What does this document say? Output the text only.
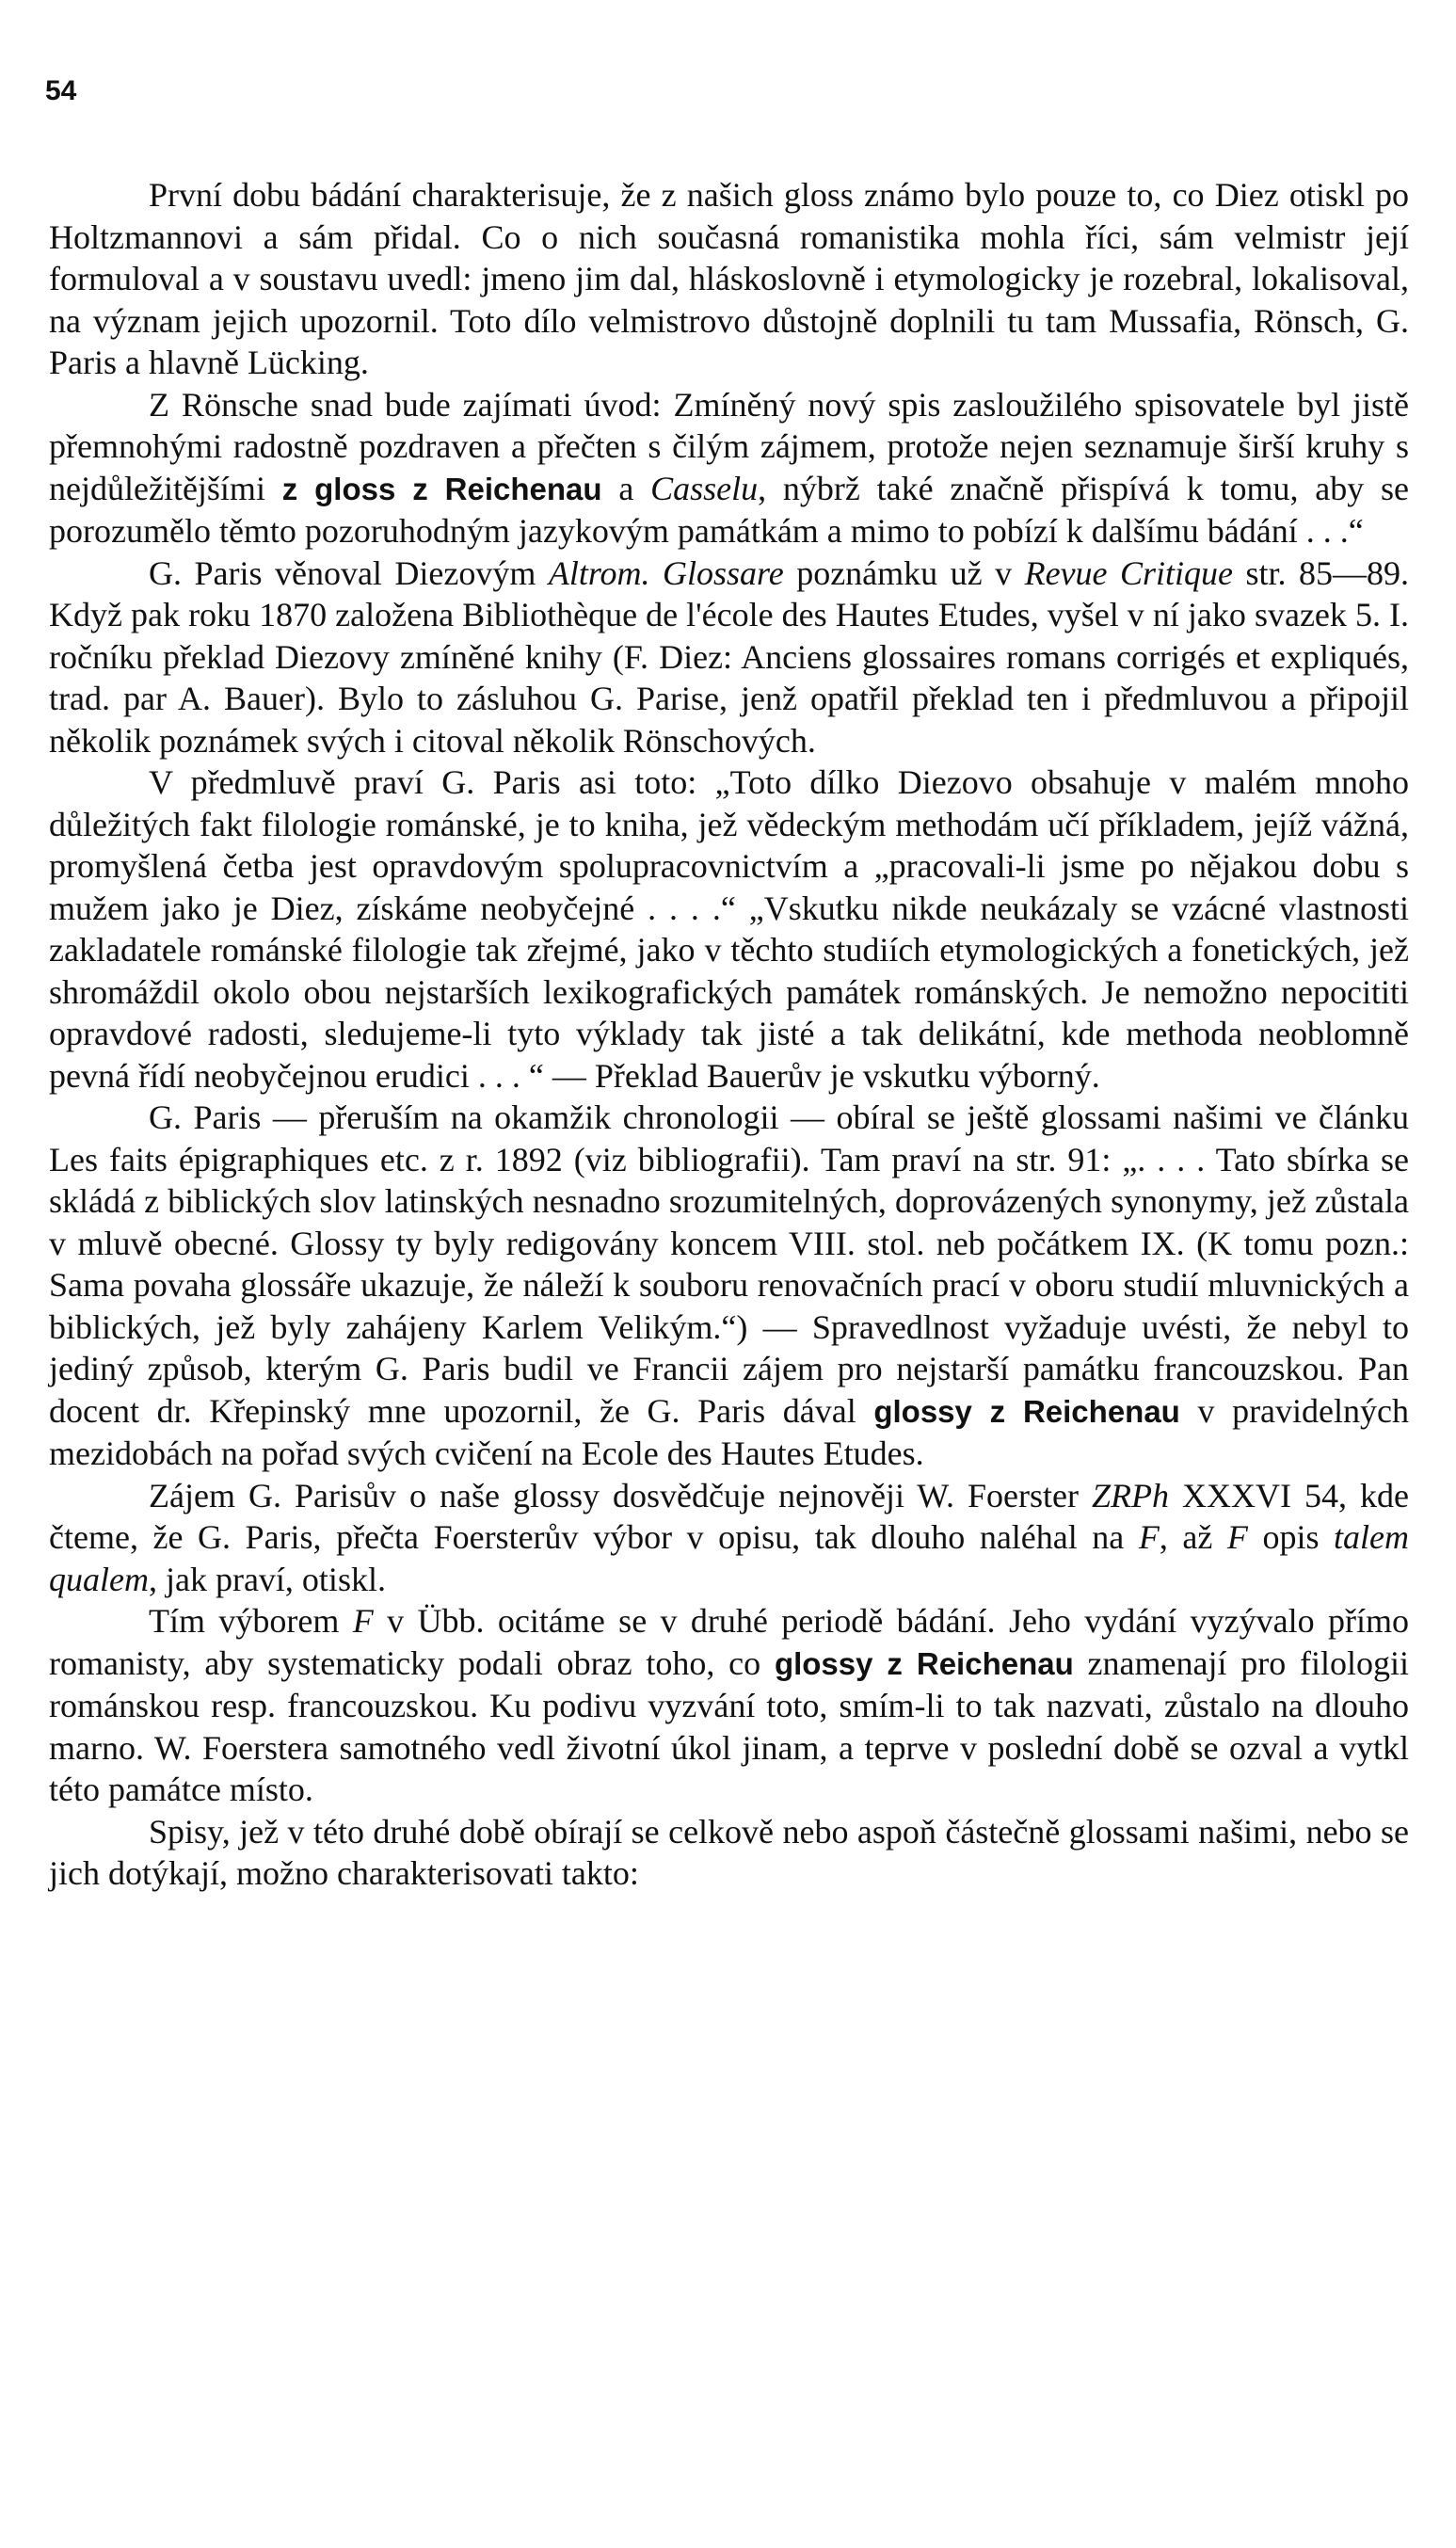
54

První dobu bádání charakterisuje, že z našich gloss známo bylo pouze to, co Diez otiskl po Holtzmannovi a sám přidal. Co o nich současná romanistika mohla říci, sám velmistr její formuloval a v soustavu uvedl: jmeno jim dal, hláskoslovně i etymologicky je rozebral, lokalisoval, na význam jejich upozornil. Toto dílo velmistrovo důstojně doplnili tu tam Mussafia, Rönsch, G. Paris a hlavně Lücking.

Z Rönsche snad bude zajímati úvod: Zmíněný nový spis zasloužilého spisovatele byl jistě přemnohými radostně pozdraven a přečten s čilým zájmem, protože nejen seznamuje širší kruhy s nejdůležitějšími z gloss z Reichenau a Casselu, nýbrž také značně přispívá k tomu, aby se porozumělo těmto pozoruhodným jazykovým památkám a mimo to pobízí k dalšímu bádání . . .“

G. Paris věnoval Diezovým Altrom. Glossare poznámku už v Revue Critique str. 85—89. Když pak roku 1870 založena Bibliothèque de l'école des Hautes Etudes, vyšel v ní jako svazek 5. I. ročníku překlad Diezovy zmíněné knihy (F. Diez: Anciens glossaires romans corrigés et expliqués, trad. par A. Bauer). Bylo to zásluhou G. Parise, jenž opatřil překlad ten i předmluvou a připojil několik poznámek svých i citoval několik Rönschových.

V předmluvě praví G. Paris asi toto: „Toto dílko Diezovo obsahuje v malém mnoho důležitých fakt filologie románské, je to kniha, jež vědeckým methodám učí příkladem, jejíž vážná, promyšlená četba jest opravdovým spolupracovnictvím a „pracovali-li jsme po nějakou dobu s mužem jako je Diez, získáme neobyčejné . . . .“ „Vskutku nikde neukázaly se vzácné vlastnosti zakladatele románské filologie tak zřejmé, jako v těchto studiích etymologických a fonetických, jež shromáždil okolo obou nejstarších lexikografických památek románských. Je nemožno nepocititi opravdové radosti, sledujeme-li tyto výklady tak jisté a tak delikátní, kde methoda neoblomně pevná řídí neobyčejnou erudici . . . “ — Překlad Bauerův je vskutku výborný.

G. Paris — přeruším na okamžik chronologii — obíral se ještě glossami našimi ve článku Les faits épigraphiques etc. z r. 1892 (viz bibliografii). Tam praví na str. 91: „. . . . Tato sbírka se skládá z biblických slov latinských nesnadno srozumitelných, doprovázených synonymy, jež zůstala v mluvě obecné. Glossy ty byly redigovány koncem VIII. stol. neb počátkem IX. (K tomu pozn.: Sama povaha glossáře ukazuje, že náleží k souboru renovačních prací v oboru studií mluvnických a biblických, jež byly zahájeny Karlem Velikým.“) — Spravedlnost vyžaduje uvésti, že nebyl to jediný způsob, kterým G. Paris budil ve Francii zájem pro nejstarší památku francouzskou. Pan docent dr. Křepinský mne upozornil, že G. Paris dával glossy z Reichenau v pravidelných mezidobách na pořad svých cvičení na Ecole des Hautes Etudes.

Zájem G. Parisův o naše glossy dosvědčuje nejnověji W. Foerster ZRPh XXXVI 54, kde čteme, že G. Paris, přečta Foersterův výbor v opisu, tak dlouho naléhal na F, až F opis talem qualem, jak praví, otiskl.

Tím výborem F v Übb. ocitáme se v druhé periodě bádání. Jeho vydání vyzývalo přímo romanisty, aby systematicky podali obraz toho, co glossy z Reichenau znamenají pro filologii románskou resp. francouzskou. Ku podivu vyzvání toto, smím-li to tak nazvati, zůstalo na dlouho marno. W. Foerstera samotného vedl životní úkol jinam, a teprve v poslední době se ozval a vytkl této památce místo.

Spisy, jež v této druhé době obírají se celkově nebo aspoň částečně glossami našimi, nebo se jich dotýkají, možno charakterisovati takto:
